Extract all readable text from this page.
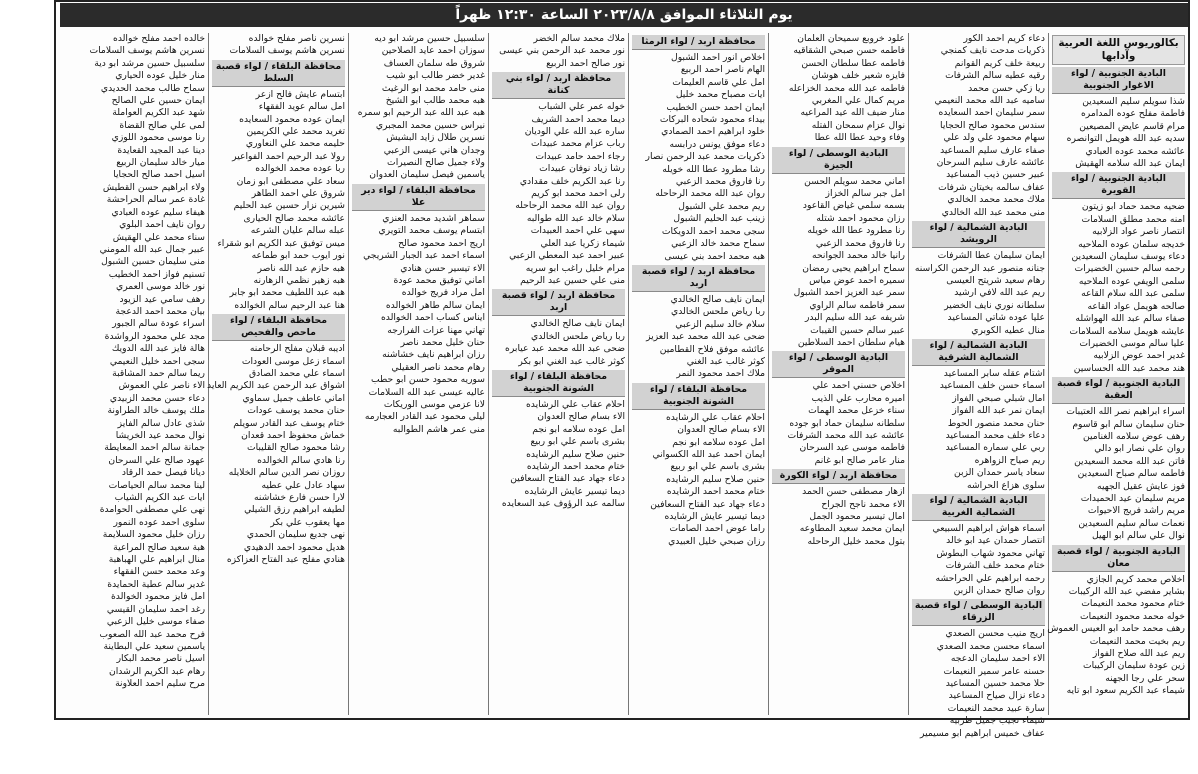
يوم الثلاثاء الموافق ٢٠٢٣/٨/٨ الساعة ١٢:٣٠ ظهراً
بكالوريوس اللغة العربية وآدابها
البادية الجنوبية / لواء الاغوار الجنوبية
شذا سويلم سليم السعيدين
فاطمة مفلح عوده المدامره
مرام قاسم عايض المصيعين
سديه عبد الله هويمل التوانصره
عائشه محمد عوده العبادي
ايمان عبد الله سلامه الهقيش
البادية الجنوبية / لواء القويرة
ضحيه محمد حماد ابو زيتون
امنه محمد مطلق السلامات
انتصار ناصر عواد الزلابيه
خديجه سلمان عوده الملاحيه
دعاء يوسف سليمان السعيدين
رحمه سالم حسين الخضيرات
سلمى الويفي عوده الملاحيه
سلمى عبد الله سلام القاعه
صالحه هويمل عواد القاعه
صفاء سالم عبد الله الهواشله
عايشه هويمل سلامه السلامات
عليا سالم موسى الخضيرات
غدير احمد عوض الزلابيه
هند محمد عبد الله الحساسين
البادية الجنوبية / لواء قصبة العقبة
اسراء ابراهيم نصر الله العتيبات
حنان سليمان سالم ابو قاسوم
رهف عوض سلامه الغنامين
روان علي نصار ابو دالي
فاتن عبد الله محمد السعيدين
فاطمه سالم صباح السعيدين
فوز عايش عقيل الجهيه
مريم سليمان عيد الحميدات
مريم راشد فريج الاحيوات
نعمات سالم سليم السعيدين
نوال علي سالم ابو الهيل
البادية الجنوبية / لواء قصبة معان
اخلاص محمد كريم الجازي
بشاير مفضي عبد الله الركيبات
ختام محمود محمد النعيمات
خوله محمد محمود النعيمات
رهف محمد حامد ابو العيس العموش
ريم بخيت محمد النعيمات
ريم عبد الله صلاح الفواز
زين عودة سليمان الركيبات
سحر علي رجا الجهنه
شيماء عبد الكريم سعود ابو تايه
دعاء كريم احمد الكور
ذكريات مدحت نايف كمنجي
ربيعة خلف كريم القوانم
رقيه عطيه سالم الشرفات
ريا زكي حسن محمد
ساميه عبد الله محمد النعيمي
سمر سليمان احمد السعايده
سندس محمود صالح الحجايا
سهام محمود علي ولد علي
صفاء عارف سليم المساعيد
عائشه عارف سليم السرحان
عبير حسين ذيب المساعيد
عفاف سالمه بخيتان شرفات
ملاك محمد محمد الخالدي
منى محمد عبد الله الخالدي
البادية الشمالية / لواء الرويشد
ايمان سليمان عطا الشرفات
جنانه منصور عبد الرحمن الكراسنه
رهام سعيد شريتح العيسى
ريم عبد الله لافي ارشيد
سلطانه نوري نايف الخضير
عليا عوده شاتي المساعيد
منال عطيه الكوبري
البادية الشمالية / لواء الشمالية الشرقية
اشتام عقله سابر المساعيد
اسماء حسن خلف المساعيد
امال شبلي صبحي الفواز
ايمان نمر عبد الله الفواز
حنان محمد منصور الحوط
دعاء خلف محمد المساعيد
ربي علي سماره المساعيد
ريم صياح الزواهره
سعاد ياسر حمدان الزبن
سلوى هزاع الحراشه
البادية الشمالية / لواء الشمالية الغربية
اسماء هواش ابراهيم السبيعي
انتصار حمدان عيد ابو خالد
تهاني محمود شهاب البطوش
ختام محمد خلف الشرفات
رحمه ابراهيم علي الحراحشه
روان صالح حمدان الزبن
البادية الوسطى / لواء قصبة الزرقاء
اريج منيب محسن الصعدي
اسماء محسن محمد الصعدي
الاء احمد سليمان الدعجه
حسنه عامر سمير النعيمات
حلا محمد حسين المساعيد
دعاء نزال صياح المساعيد
سارة عبيد محمد النعيمات
شيماء نجيب جميل طربيه
عفاف خميس ابراهيم ابو مسيمير
علود خروبع سميحان العلمان
فاطمه حسن صبحي الشقاقيه
فاطمه عطا سلطان الحسن
فايزه شعير خلف هوشان
فاطمه عبد الله محمد الخزاعله
مريم كمال علي المغربي
منار ضيف الله عيد المراعيه
نوال عزام سمحان الفتله
وفاء وحيد عطا الله عطا
البادية الوسطى / لواء الجيزة
اماني محمد سويلم الحسن
امل جبر سالم الخزاز
بسمه سلمي غياض القاعود
رزان محمود احمد شتله
رنا مطرود عطا الله خويله
رنا فاروق محمد الزعبي
رانيا خالد محمد الجوانحه
سماح ابراهيم يحيى رمضان
سميره احمد عوض مياس
سمر عبد العزيز احمد الشبول
سمر فاطمه سالم الراوي
شريفه عبد الله سليم البدر
عبير سالم حسين القيبات
هيام سلطان احمد السلاطين
البادية الوسطى / لواء الموقر
اخلاص حسني احمد علي
اميره محارب علي الذيب
سناء خزعل محمد الهمات
سلطانه سليمان حماد ابو جوده
عائشه عبد الله محمد الشرفات
فاطمه موسى عيد السرحان
منار عامر صالح ابو غانم
محافظة اربد / لواء الكورة
ازهار مصطفى حسن الحمد
الاء محمد ناجح الجراح
امال تيسير محمود الجمل
ايمان محمد سعيد المطاوعه
بتول محمد خليل الرحاحله
محافظة اربد / لواء الرمثا
اخلاص انور احمد الشبول
الهام ناصر احمد الربيع
امل علي قاسم العليمات
ايات مصباح محمد خليل
ايمان احمد حسن الخطيب
بيداء محمود شحاده البركات
خلود ابراهيم احمد الصمادي
دعاء موفق يونس درابسه
ذكريات محمد عبد الرحمن نصار
رشا مطرود عطا الله خويله
رنا فاروق محمد الزعبي
روان عبد الله محمد الرحاحله
ريم محمد علي الشبول
زينب عبد الحليم الشبول
سجى محمد احمد الدويكات
سماح محمد خالد الزعبي
هبه محمد احمد بني عيسى
محافظة اربد / لواء قصبة اربد
ايمان نايف صالح الخالدي
ربا رياض ملحس الخالدي
سلام خالد سليم الزعبي
ضحى عبد الله محمد عبد العزيز
عائشه موفق فلاح القطامين
كوثر غالب عبد الغني
ملاك احمد محمود النمر
محافظة البلقاء / لواء الشونة الجنوبية
احلام عقاب علي الرشايده
الاء بسام صالح العدوان
امل عوده سلامه ابو نجم
ايمان احمد عبد الله الكسواني
بشرى باسم علي ابو ربيع
حنين صلاح سليم الرشايده
ختام محمد احمد الرشايده
دعاء جهاد عبد الفتاح السعافين
ديما تيسير عايش الرشايده
راما عوض احمد الصامات
رزان صبحي خليل العبيدي
ملاك محمد سالم الخضر
نور محمد عبد الرحمن بني عيسى
نور صالح احمد الربيع
محافظة اربد / لواء بني كنانة
خوله عمر علي الشباب
ديما محمد احمد الشريف
ساره عبد الله علي الوديان
رباب عزام محمد عبيدات
رجاء احمد حامد عبيدات
رشا زياد نوفان عبيدات
رنا عبد الكريم خلف مقدادي
رلى احمد محمد ابو كريم
روان عبد الله محمد الرحاحله
سلام خالد عبد الله طوالبه
سهى علي احمد العبيدات
شيماء زكريا عبد العلي
عبير احمد عبد المعطي الزعبي
مرام خليل راغب ابو سريه
منى علي حسين عبد الرحيم
محافظة اربد / لواء قصبة اربد
ايمان نايف صالح الخالدي
ربا رياض ملحس الخالدي
ضحى عبد الله محمد عبد عيابره
كوثر غالب عبد الغني ابو بكر
محافظة البلقاء / لواء الشونة الجنوبية
احلام عقاب علي الرشايده
الاء بسام صالح العدوان
امل عوده سلامه ابو نجم
بشرى باسم علي ابو ربيع
حنين صلاح سليم الرشايده
ختام محمد احمد الرشايده
دعاء جهاد عبد الفتاح السعافين
ديما تيسير عايش الرشايده
سالمه عبد الرؤوف عبد السعايده
سلسبيل حسين مرشد ابو ديه
سوزان احمد عايد الصلاحين
شروق طه سلمان العساف
غدير خضر طالب ابو شيب
منى حامد محمد ابو الرغيث
هبه محمد طالب ابو الشيخ
هبه عبد الله عبد الرحيم ابو سمره
نيراس حسين محمد المجبري
نسرين طلال زايد البشيش
وجدان هاني عيسى الزعبي
ولاء جميل صالح النصيرات
ياسمين فيصل سليمان العدوان
محافظة البلقاء / لواء دير علا
سماهر اشديد محمد العنزي
ابتسام يوسف محمد التويري
اريج احمد محمود صالح
اسماء احمد عبد الجبار الشريجي
الاء تيسير حسن هنادي
اماني توفيق محمد عودة
امل مراد فريج خوالده
ايمان سالم طاهر الخوالده
ايناس كساب احمد الخوالده
تهاني مهنا عزات الفرارجه
حنان خليل محمد ناصر
رزان ابراهيم نايف خشاشنه
رهام محمد ناصر العقيلي
سوريه محمود حسن ابو حطب
عاليه عيسى عبد الله السلامات
لانا عزمي موسى الوريكات
ليلى محمود عبد القادر العجارمه
منى عمر هاشم الطوالبه
نسرين ناصر مفلح خوالده
نسرين هاشم يوسف السلامات
محافظة البلقاء / لواء قصبة السلط
ابتسام عايش فالح ازعر
امل سالم عويد الفقهاء
ايمان عوده محمود السعايده
تغريد محمد علي الكريمين
حليمه محمد علي النعاوري
رولا عبد الرحيم احمد الفواعير
ربا عوده محمد الخوالده
سعاد علي مصطفى ابو زمان
شروق علي احمد الطاهر
شيرين نزار حسين عبد الحليم
عائشه محمد صالح الحيارى
عبله سالم عليان الشرعه
ميس توفيق عبد الكريم ابو شقراء
نور ايوب حمد ابو طماعه
هبه حازم عبد الله ناصر
هبه زهير نظمي الزهارنه
هبه عبد اللطيف محمد ابو جابر
هنا عبد الرحيم سالم الخوالده
محافظة البلقاء / لواء ماحص والفحيص
اديبه قبلان مفلح الرحامنه
اسماء زعل موسى العودات
اسماء علي محمد الصادق
اشواق عبد الرحمن عبد الكريم العايد
اماني عاطف جميل سماوي
حنان محمد يوسف عودات
ختام يوسف عبد القادر سويلم
خماش محفوظ احمد قعدان
رشا محمود صالح القليبات
رنا هادي سالم الخوالده
روزان نصر الدين سالم الخلايله
سهاد عادل علي عطيه
لارا حسن فارع خشاشنه
لطيفه ابراهيم رزق الشيلي
مها يعقوب علي بكر
نهى جديع سليمان الحمدي
هديل محمود احمد الدهيدي
هنادي مفلح عبد الفتاح العزاكزه
خالده احمد مفلح خوالده
نسرين هاشم يوسف السلامات
سلسبيل حسين مرشد ابو دية
منار خليل عوده الحياري
سماح طالب محمد الحديدي
ايمان حسين علي الصالح
شهد عبد الكريم العواملة
لمى علي صالح القضاة
رنا موسى محمود اللوزي
دينا عبد المجيد القعايدة
ميار خالد سليمان الربيع
اسيل احمد صالح الحجايا
ولاء ابراهيم حسن القطيش
غادة عمر سالم الحراحشة
هيفاء سليم عوده العبادي
روان نايف احمد البلوي
سناء محمد علي الهقيش
عبير جمال عبد الله المومني
منى سليمان حسين الشبول
تسنيم فواز احمد الخطيب
نور خالد موسى العمري
رهف سامي عيد الزيود
بيان محمد احمد الدعجة
اسراء عودة سالم الجبور
مجد علي محمود الرواشدة
هالة فايز عبد الله الدويك
سجى احمد خليل النعيمي
ريما سالم حمد المشاقبة
الاء ناصر علي العموش
دعاء حسن محمد الزبيدي
ملك يوسف خالد الطراونة
شذى عادل سالم الفايز
نوال محمد عيد الخريشا
جمانة سالم احمد المعايطة
عهود صالح علي السرحان
ديانا فيصل حمد الرقاد
لينا محمد سالم الحياصات
ايات عبد الكريم الشياب
نهى علي مصطفى الحوامدة
سلوى احمد عوده النمور
رزان خليل محمود السلايمة
هبة سعيد صالح المراعية
منال ابراهيم علي الهباهبة
وعد محمد حسن الفقهاء
غدير سالم عطية الحمايدة
امل فايز محمود الخوالدة
رغد احمد سليمان القيسي
صفاء موسى خليل الزعبي
فرح محمد عبد الله الصعوب
ياسمين سعيد علي البطاينة
اسيل ناصر محمد البكار
رهام عبد الكريم الرشدان
مرح سليم احمد العلاونة
